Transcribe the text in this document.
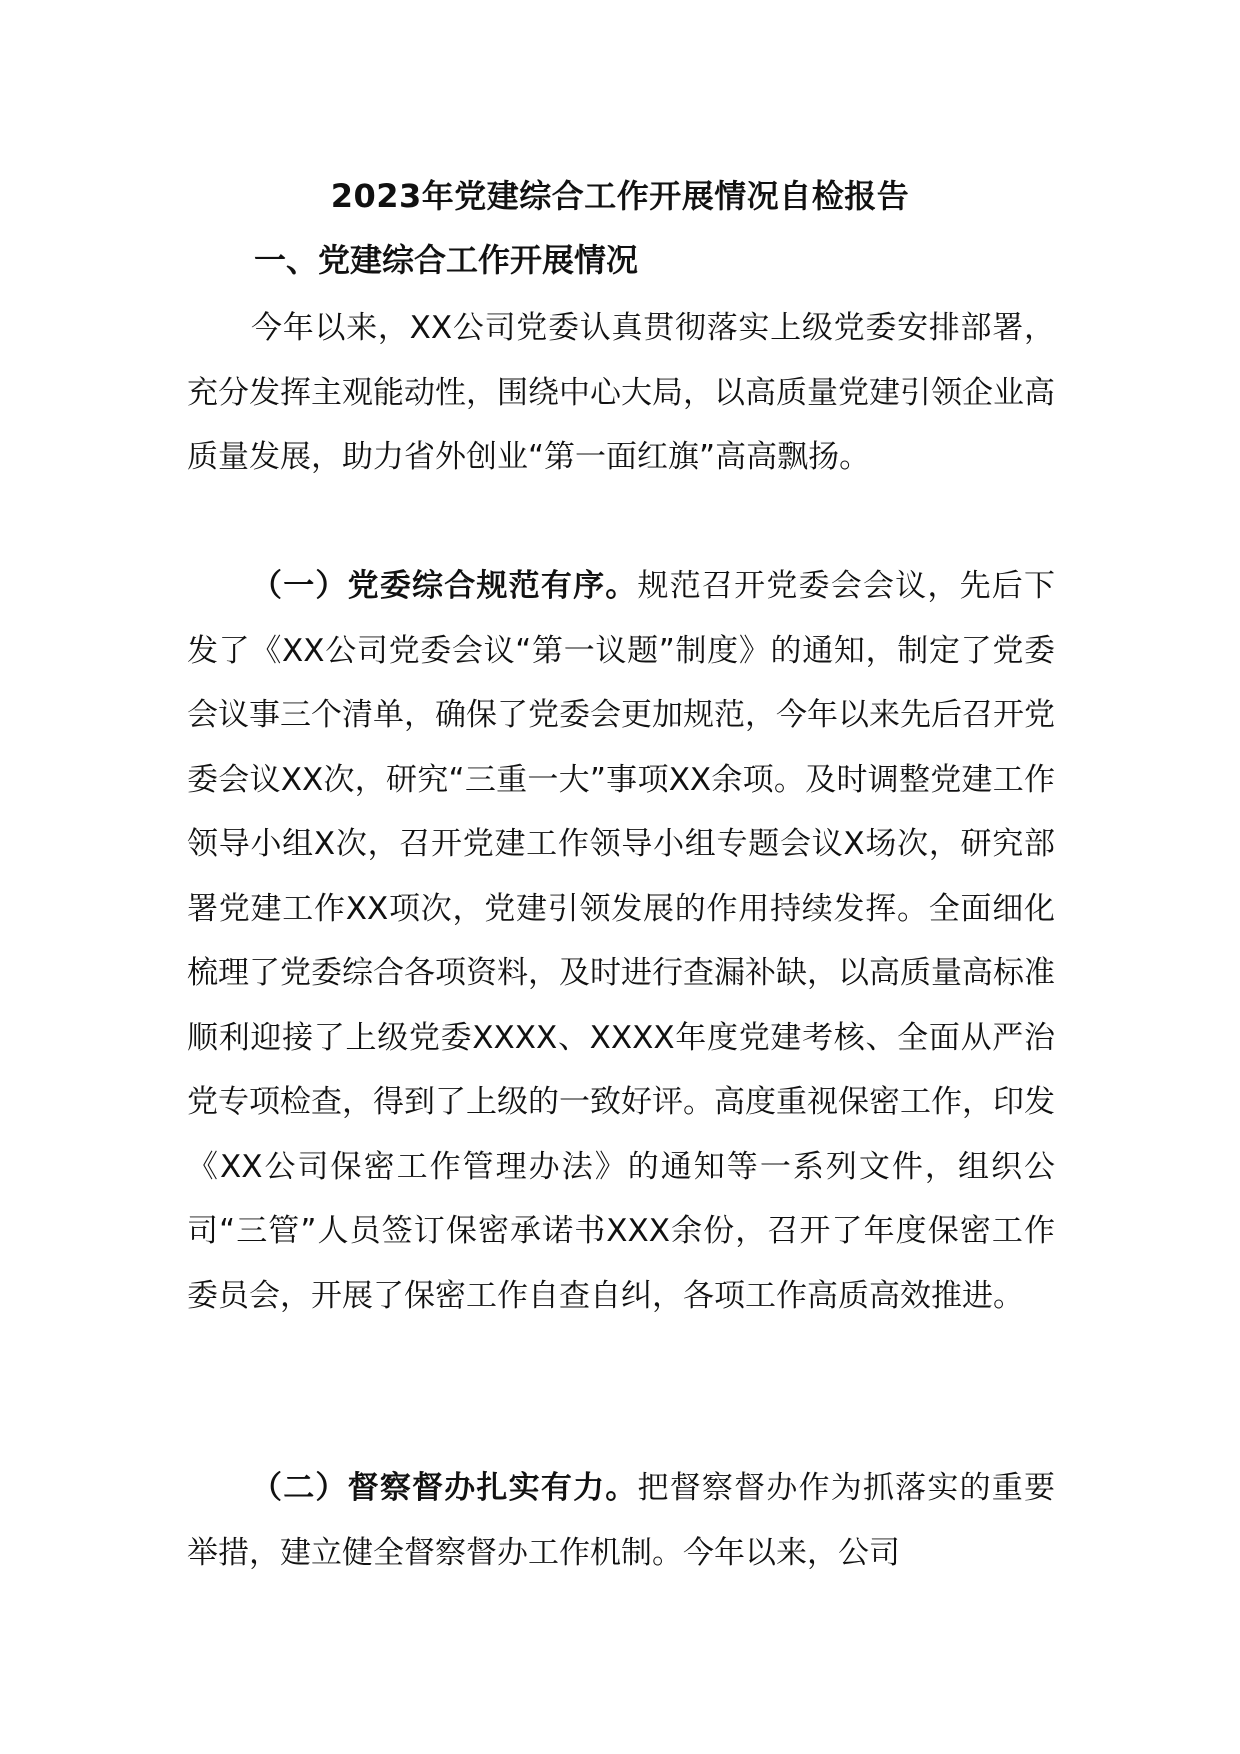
2023年党建综合工作开展情况自检报告
一、党建综合工作开展情况
今年以来，XX公司党委认真贯彻落实上级党委安排部署，充分发挥主观能动性，围绕中心大局，以高质量党建引领企业高质量发展，助力省外创业“第一面红旗”高高飘扬。
（一）党委综合规范有序。规范召开党委会会议，先后下发了《XX公司党委会议“第一议题”制度》的通知，制定了党委会议事三个清单，确保了党委会更加规范，今年以来先后召开党委会议XX次，研究“三重一大”事项XX余项。及时调整党建工作领导小组X次，召开党建工作领导小组专题会议X场次，研究部署党建工作XX项次，党建引领发展的作用持续发挥。全面细化梳理了党委综合各项资料，及时进行查漏补缺，以高质量高标准顺利迎接了上级党委XXXX、XXXX年度党建考核、全面从严治党专项检查，得到了上级的一致好评。高度重视保密工作，印发《XX公司保密工作管理办法》的通知等一系列文件，组织公司“三管”人员签订保密承诺书XXX余份，召开了年度保密工作委员会，开展了保密工作自查自纠，各项工作高质高效推进。
（二）督察督办扎实有力。把督察督办作为抓落实的重要举措，建立健全督察督办工作机制。今年以来，公司
